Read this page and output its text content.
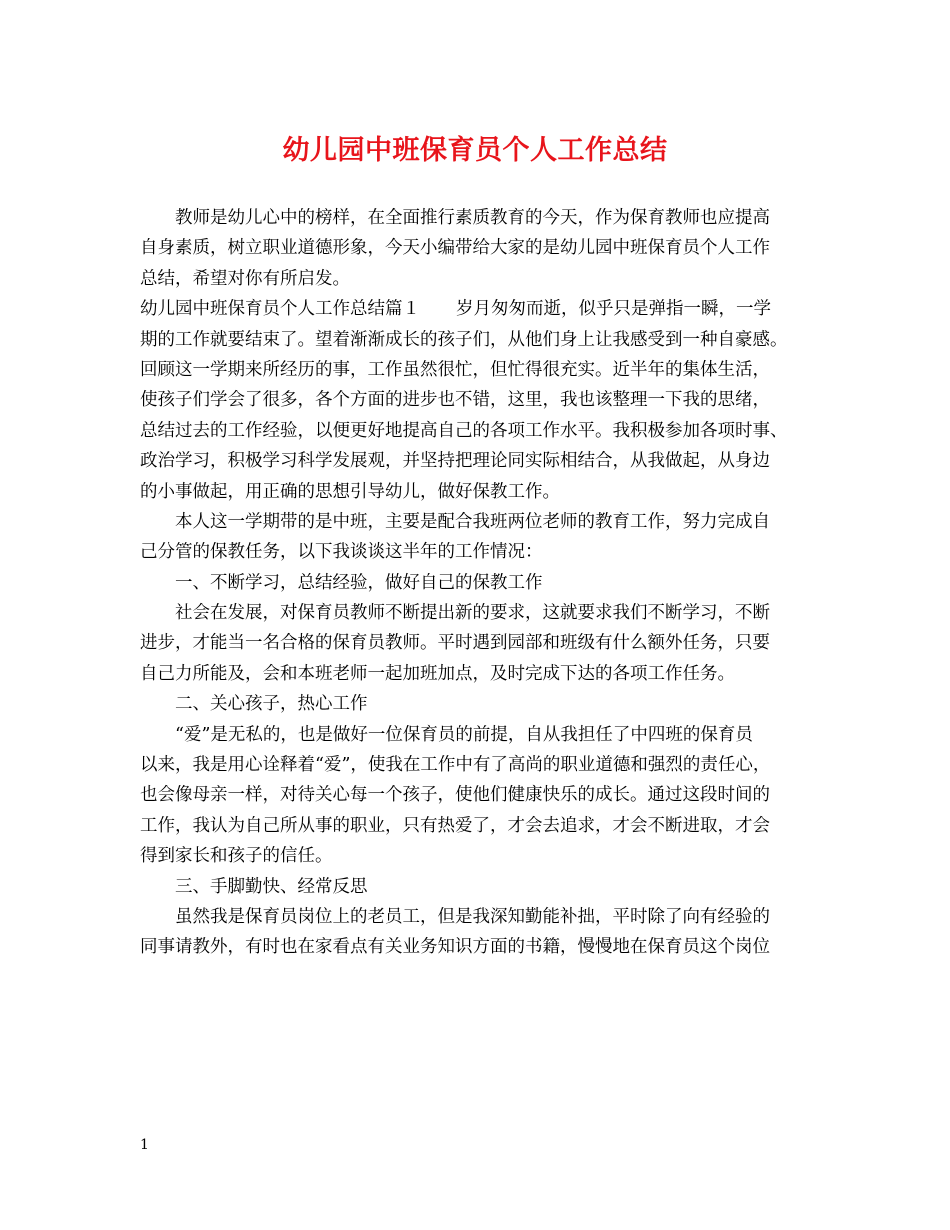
幼儿园中班保育员个人工作总结
教师是幼儿心中的榜样，在全面推行素质教育的今天，作为保育教师也应提高
自身素质，树立职业道德形象，今天小编带给大家的是幼儿园中班保育员个人工作
总结，希望对你有所启发。
幼儿园中班保育员个人工作总结篇１ 岁月匆匆而逝，似乎只是弹指一瞬，一学
期的工作就要结束了。望着渐渐成长的孩子们，从他们身上让我感受到一种自豪感。
回顾这一学期来所经历的事，工作虽然很忙，但忙得很充实。近半年的集体生活，
使孩子们学会了很多，各个方面的进步也不错，这里，我也该整理一下我的思绪，
总结过去的工作经验，以便更好地提高自己的各项工作水平。我积极参加各项时事、
政治学习，积极学习科学发展观，并坚持把理论同实际相结合，从我做起，从身边
的小事做起，用正确的思想引导幼儿，做好保教工作。
本人这一学期带的是中班，主要是配合我班两位老师的教育工作，努力完成自
己分管的保教任务，以下我谈谈这半年的工作情况：
一、不断学习，总结经验，做好自己的保教工作
社会在发展，对保育员教师不断提出新的要求，这就要求我们不断学习，不断
进步，才能当一名合格的保育员教师。平时遇到园部和班级有什么额外任务，只要
自己力所能及，会和本班老师一起加班加点，及时完成下达的各项工作任务。
二、关心孩子，热心工作
“爱”是无私的，也是做好一位保育员的前提，自从我担任了中四班的保育员
以来，我是用心诠释着“爱”，使我在工作中有了高尚的职业道德和强烈的责任心，
也会像母亲一样，对待关心每一个孩子，使他们健康快乐的成长。通过这段时间的
工作，我认为自己所从事的职业，只有热爱了，才会去追求，才会不断进取，才会
得到家长和孩子的信任。
三、手脚勤快、经常反思
虽然我是保育员岗位上的老员工，但是我深知勤能补拙，平时除了向有经验的
同事请教外，有时也在家看点有关业务知识方面的书籍，慢慢地在保育员这个岗位
1
